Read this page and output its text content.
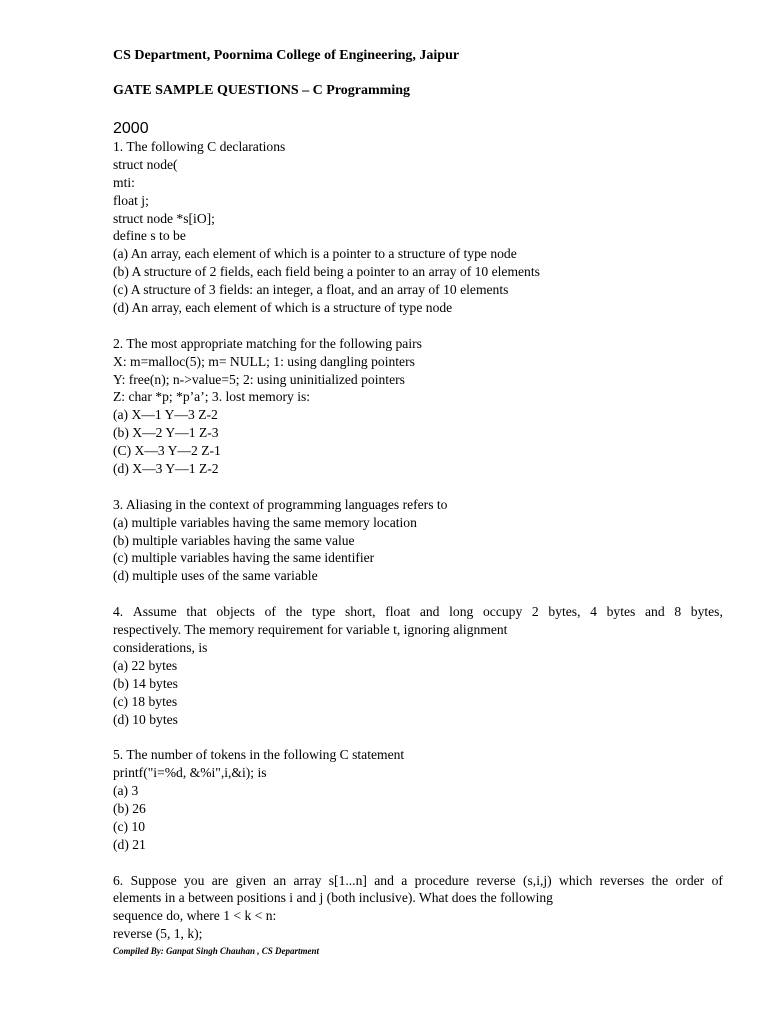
CS Department, Poornima College of Engineering, Jaipur
GATE SAMPLE QUESTIONS – C Programming
2000
1. The following C declarations
struct node(
mti:
float j;
struct node *s[iO];
define s to be
(a) An array, each element of which is a pointer to a structure of type node
(b) A structure of 2 fields, each field being a pointer to an array of 10 elements
(c) A structure of 3 fields: an integer, a float, and an array of 10 elements
(d) An array, each element of which is a structure of type node
2. The most appropriate matching for the following pairs
X: m=malloc(5); m= NULL; 1: using dangling pointers
Y: free(n); n->value=5; 2: using uninitialized pointers
Z: char *p; *p’a’; 3. lost memory is:
(a) X—1 Y—3 Z-2
(b) X—2 Y—1 Z-3
(C) X—3 Y—2 Z-1
(d) X—3 Y—1 Z-2
3. Aliasing in the context of programming languages refers to
(a) multiple variables having the same memory location
(b) multiple variables having the same value
(c) multiple variables having the same identifier
(d) multiple uses of the same variable
4. Assume that objects of the type short, float and long occupy 2 bytes, 4 bytes and 8 bytes,
respectively. The memory requirement for variable t, ignoring alignment
considerations, is
(a) 22 bytes
(b) 14 bytes
(c) 18 bytes
(d) 10 bytes
5. The number of tokens in the following C statement
printf("i=%d, &%i",i,&i); is
(a) 3
(b) 26
(c) 10
(d) 21
6. Suppose you are given an array s[1...n] and a procedure reverse (s,i,j) which reverses the order of
elements in a between positions i and j (both inclusive). What does the following
sequence do, where 1 < k < n:
reverse (5, 1, k);
Compiled By: Ganpat Singh Chauhan , CS Department
